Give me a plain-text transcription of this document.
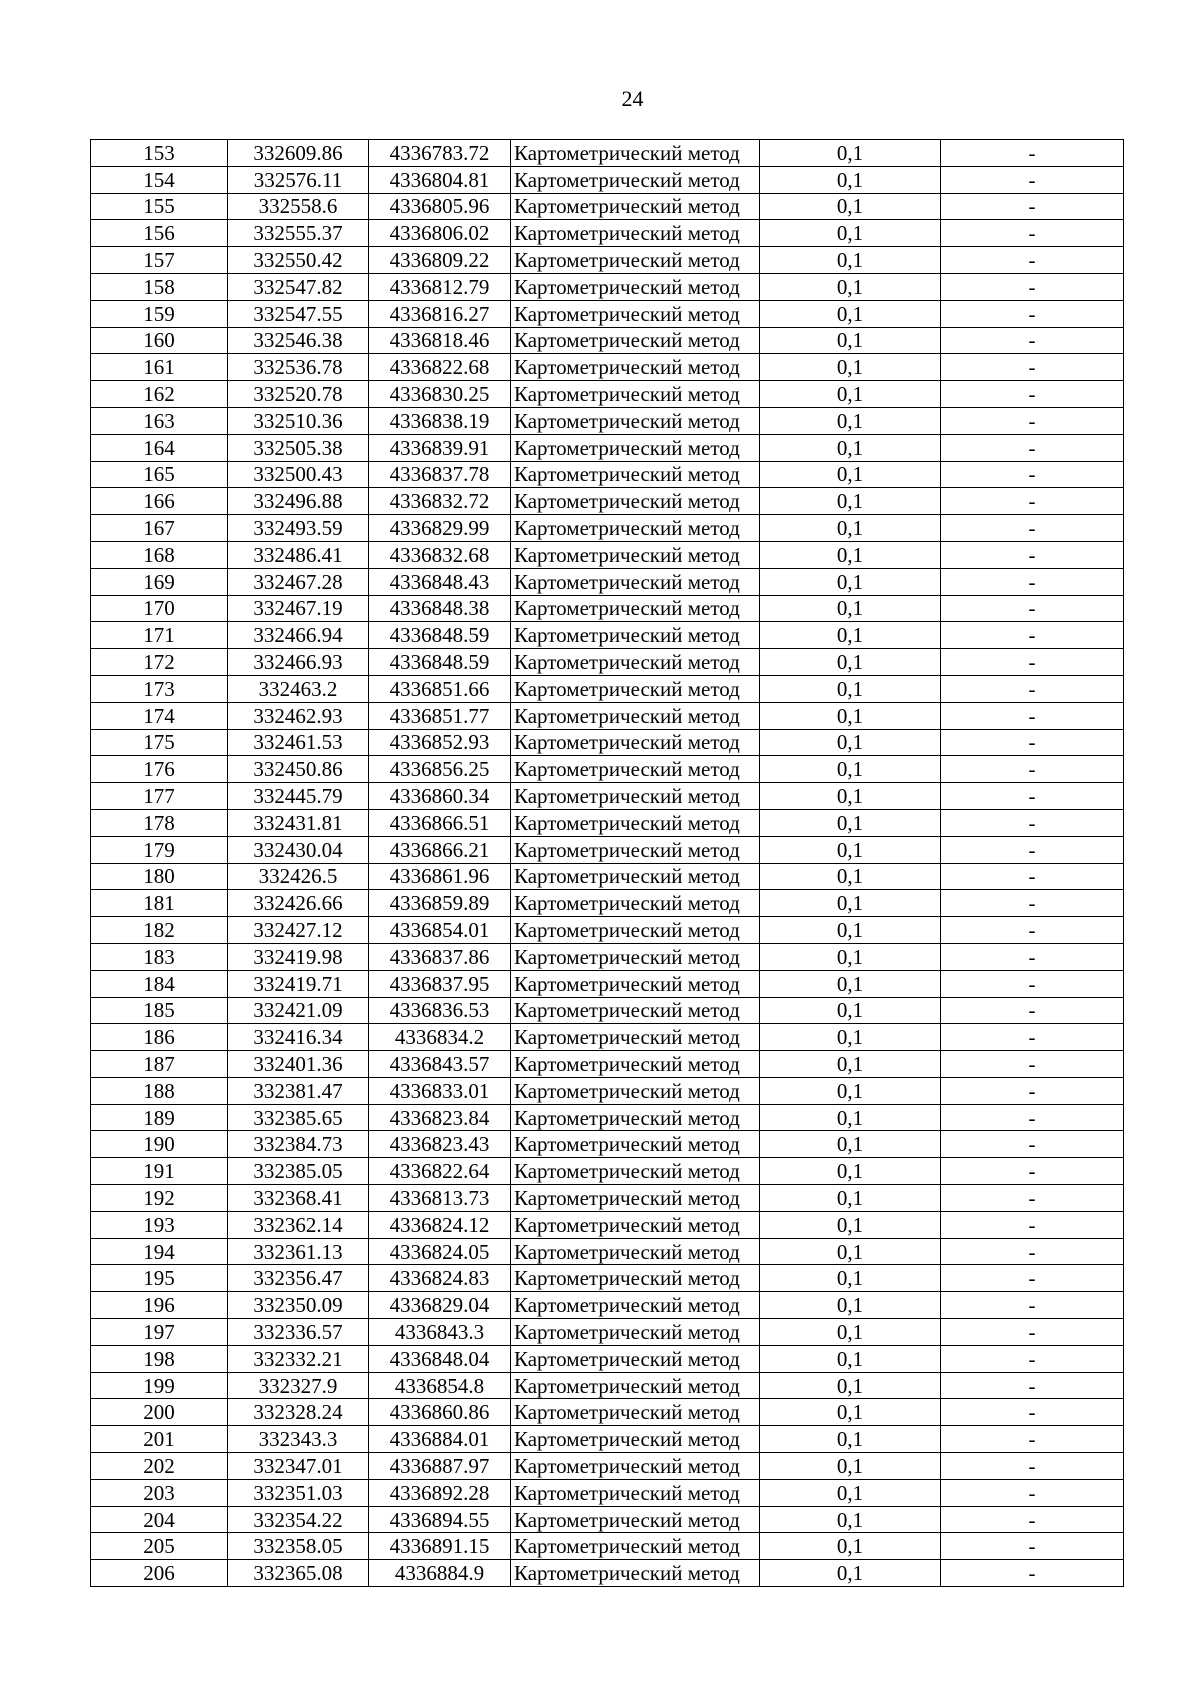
24
153	332609.86	4336783.72	Картометрический метод	0,1	-
154	332576.11	4336804.81	Картометрический метод	0,1	-
155	332558.6	4336805.96	Картометрический метод	0,1	-
156	332555.37	4336806.02	Картометрический метод	0,1	-
157	332550.42	4336809.22	Картометрический метод	0,1	-
158	332547.82	4336812.79	Картометрический метод	0,1	-
159	332547.55	4336816.27	Картометрический метод	0,1	-
160	332546.38	4336818.46	Картометрический метод	0,1	-
161	332536.78	4336822.68	Картометрический метод	0,1	-
162	332520.78	4336830.25	Картометрический метод	0,1	-
163	332510.36	4336838.19	Картометрический метод	0,1	-
164	332505.38	4336839.91	Картометрический метод	0,1	-
165	332500.43	4336837.78	Картометрический метод	0,1	-
166	332496.88	4336832.72	Картометрический метод	0,1	-
167	332493.59	4336829.99	Картометрический метод	0,1	-
168	332486.41	4336832.68	Картометрический метод	0,1	-
169	332467.28	4336848.43	Картометрический метод	0,1	-
170	332467.19	4336848.38	Картометрический метод	0,1	-
171	332466.94	4336848.59	Картометрический метод	0,1	-
172	332466.93	4336848.59	Картометрический метод	0,1	-
173	332463.2	4336851.66	Картометрический метод	0,1	-
174	332462.93	4336851.77	Картометрический метод	0,1	-
175	332461.53	4336852.93	Картометрический метод	0,1	-
176	332450.86	4336856.25	Картометрический метод	0,1	-
177	332445.79	4336860.34	Картометрический метод	0,1	-
178	332431.81	4336866.51	Картометрический метод	0,1	-
179	332430.04	4336866.21	Картометрический метод	0,1	-
180	332426.5	4336861.96	Картометрический метод	0,1	-
181	332426.66	4336859.89	Картометрический метод	0,1	-
182	332427.12	4336854.01	Картометрический метод	0,1	-
183	332419.98	4336837.86	Картометрический метод	0,1	-
184	332419.71	4336837.95	Картометрический метод	0,1	-
185	332421.09	4336836.53	Картометрический метод	0,1	-
186	332416.34	4336834.2	Картометрический метод	0,1	-
187	332401.36	4336843.57	Картометрический метод	0,1	-
188	332381.47	4336833.01	Картометрический метод	0,1	-
189	332385.65	4336823.84	Картометрический метод	0,1	-
190	332384.73	4336823.43	Картометрический метод	0,1	-
191	332385.05	4336822.64	Картометрический метод	0,1	-
192	332368.41	4336813.73	Картометрический метод	0,1	-
193	332362.14	4336824.12	Картометрический метод	0,1	-
194	332361.13	4336824.05	Картометрический метод	0,1	-
195	332356.47	4336824.83	Картометрический метод	0,1	-
196	332350.09	4336829.04	Картометрический метод	0,1	-
197	332336.57	4336843.3	Картометрический метод	0,1	-
198	332332.21	4336848.04	Картометрический метод	0,1	-
199	332327.9	4336854.8	Картометрический метод	0,1	-
200	332328.24	4336860.86	Картометрический метод	0,1	-
201	332343.3	4336884.01	Картометрический метод	0,1	-
202	332347.01	4336887.97	Картометрический метод	0,1	-
203	332351.03	4336892.28	Картометрический метод	0,1	-
204	332354.22	4336894.55	Картометрический метод	0,1	-
205	332358.05	4336891.15	Картометрический метод	0,1	-
206	332365.08	4336884.9	Картометрический метод	0,1	-
